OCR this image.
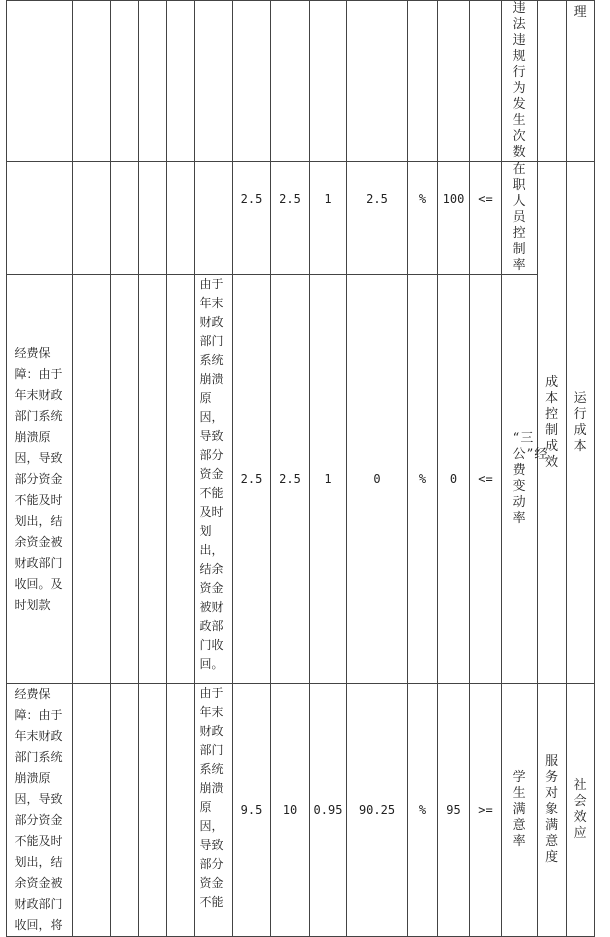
													违法违规行为发生次数		理
						2.5	2.5	1	2.5	%	100	<=	在职人员控制率	成本控制成效	运行成本
经费保障：由于年末财政部门系统崩溃原因，导致部分资金不能及时划出，结余资金被财政部门收回。及时划款					由于年末财政部门系统崩溃原因，导致部分资金不能及时划出，结余资金被财政部门收回。	2.5	2.5	1	0	%	0	<=	“三公”经费变动率		
经费保障：由于年末财政部门系统崩溃原因，导致部分资金不能及时划出，结余资金被财政部门收回，将					由于年末财政部门系统崩溃原因，导致部分资金不能	9.5	10	0.95	90.25	%	95	>=	学生满意率	服务对象满意度	社会效应
